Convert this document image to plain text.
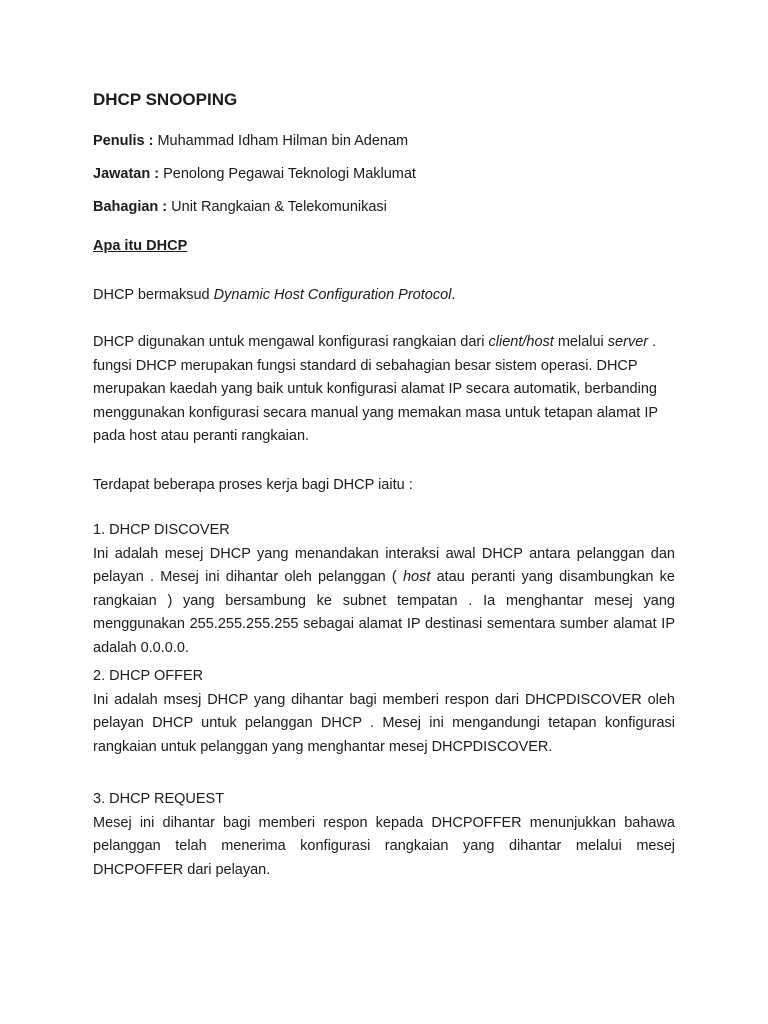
DHCP SNOOPING

Penulis : Muhammad Idham Hilman bin Adenam

Jawatan : Penolong Pegawai Teknologi Maklumat

Bahagian : Unit Rangkaian & Telekomunikasi

Apa itu DHCP

DHCP bermaksud Dynamic Host Configuration Protocol.

DHCP digunakan untuk mengawal konfigurasi rangkaian dari client/host melalui server .

fungsi DHCP merupakan fungsi standard di sebahagian besar sistem operasi. DHCP merupakan kaedah yang baik untuk konfigurasi alamat IP secara automatik, berbanding menggunakan konfigurasi secara manual yang memakan masa untuk tetapan alamat IP pada host atau peranti rangkaian.

Terdapat beberapa proses kerja bagi DHCP iaitu :

1. DHCP DISCOVER

Ini adalah mesej DHCP yang menandakan interaksi awal DHCP antara pelanggan dan pelayan . Mesej ini dihantar oleh pelanggan ( host atau peranti yang disambungkan ke rangkaian ) yang bersambung ke subnet tempatan . Ia menghantar mesej yang menggunakan 255.255.255.255 sebagai alamat IP destinasi sementara sumber alamat IP adalah 0.0.0.0.

2. DHCP OFFER

Ini adalah msesj DHCP yang dihantar bagi memberi respon dari DHCPDISCOVER oleh pelayan DHCP untuk pelanggan DHCP . Mesej ini mengandungi tetapan konfigurasi rangkaian untuk pelanggan yang menghantar mesej DHCPDISCOVER.

3. DHCP REQUEST

Mesej ini dihantar bagi memberi respon kepada DHCPOFFER menunjukkan bahawa pelanggan telah menerima konfigurasi rangkaian yang dihantar melalui mesej DHCPOFFER dari pelayan.
